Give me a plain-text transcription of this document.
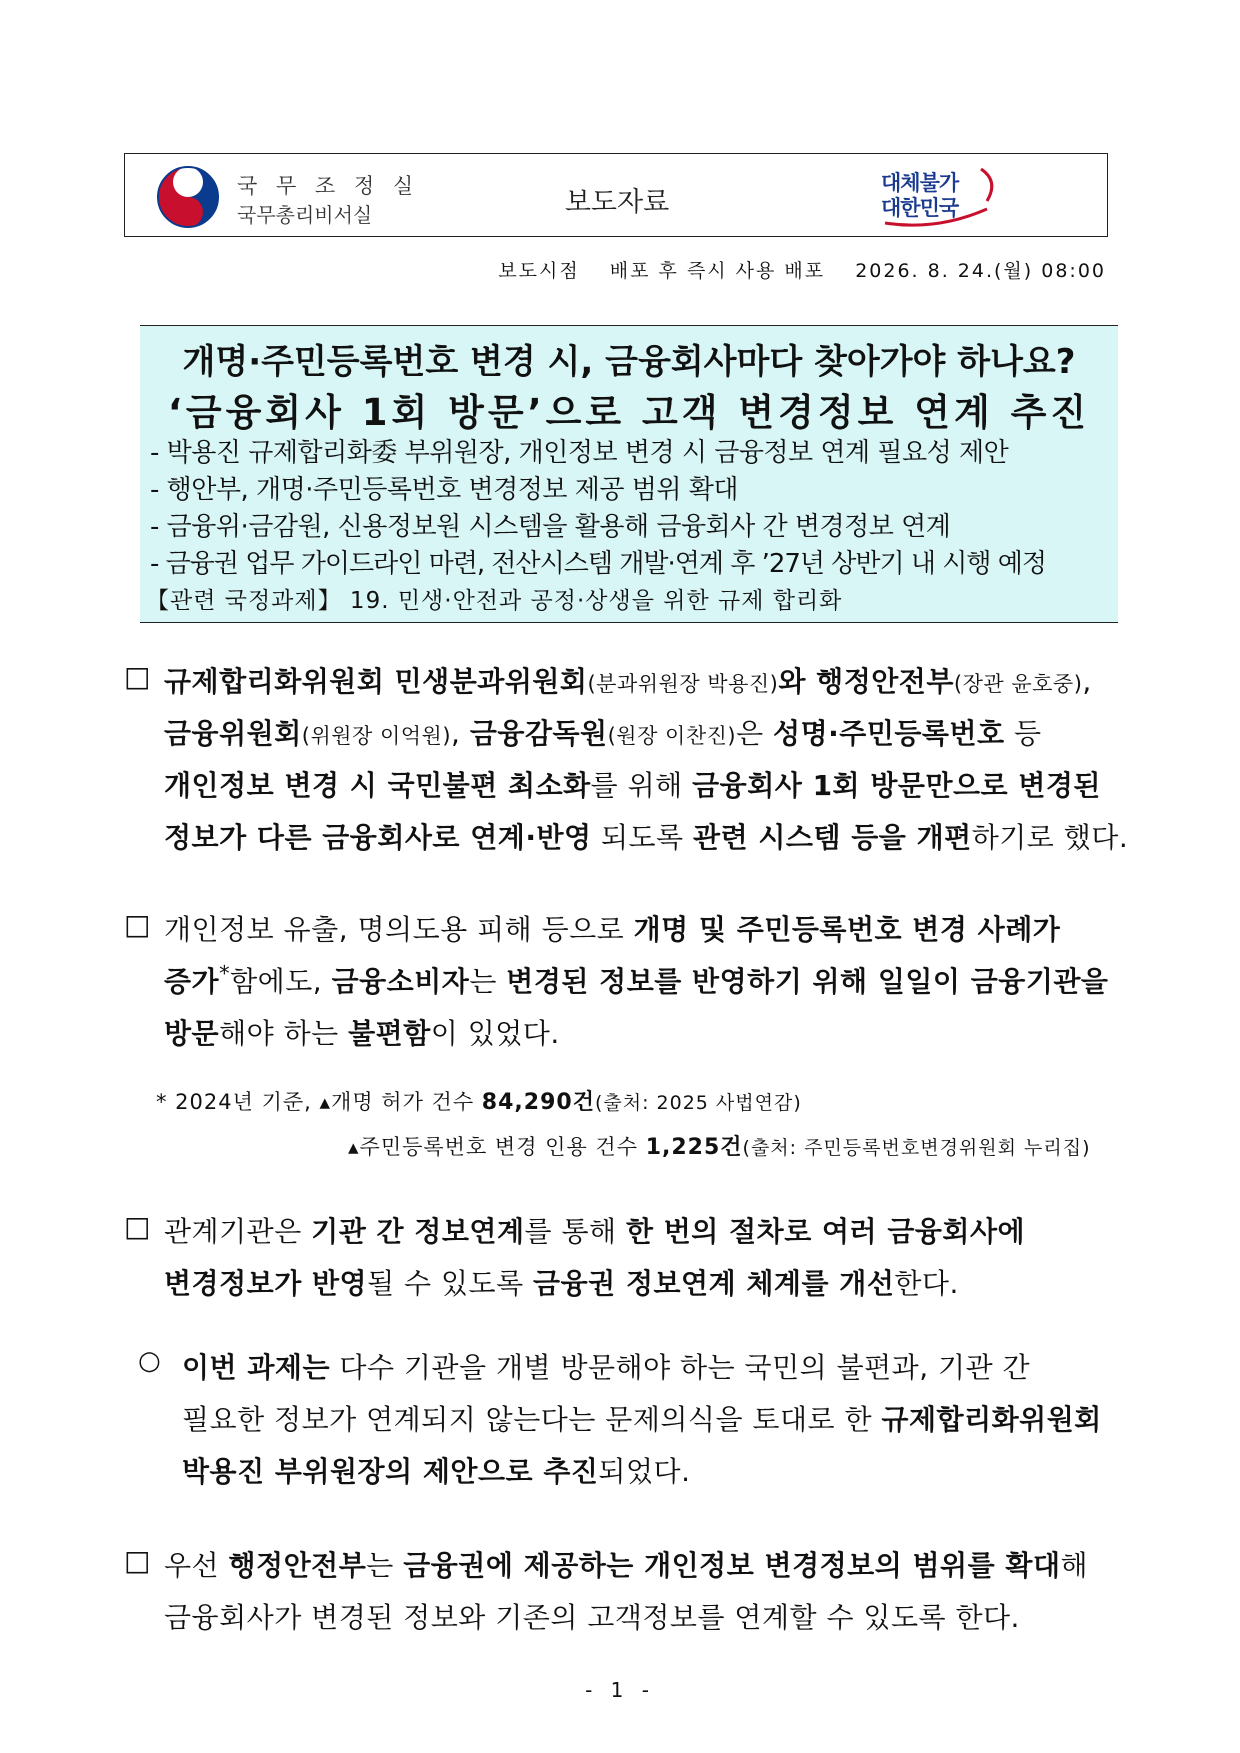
국 무 조 정 실
국무총리비서실	보도자료
대체불가
대한민국
보도시점 배포 후 즉시 사용 배포 2026. 8. 24.(월) 08:00
개명·주민등록번호 변경 시, 금융회사마다 찾아가야 하나요?
‘금융회사 1회 방문’으로 고객 변경정보 연계 추진
- 박용진 규제합리화委 부위원장, 개인정보 변경 시 금융정보 연계 필요성 제안
- 행안부, 개명·주민등록번호 변경정보 제공 범위 확대
- 금융위·금감원, 신용정보원 시스템을 활용해 금융회사 간 변경정보 연계
- 금융권 업무 가이드라인 마련, 전산시스템 개발·연계 후 ’27년 상반기 내 시행 예정
【관련 국정과제】 19. 민생·안전과 공정·상생을 위한 규제 합리화
□ 규제합리화위원회 민생분과위원회(분과위원장 박용진)와 행정안전부(장관 윤호중),
금융위원회(위원장 이억원), 금융감독원(원장 이찬진)은 성명·주민등록번호 등
개인정보 변경 시 국민불편 최소화를 위해 금융회사 1회 방문만으로 변경된
정보가 다른 금융회사로 연계·반영 되도록 관련 시스템 등을 개편하기로 했다.
□ 개인정보 유출, 명의도용 피해 등으로 개명 및 주민등록번호 변경 사례가
증가*함에도, 금융소비자는 변경된 정보를 반영하기 위해 일일이 금융기관을
방문해야 하는 불편함이 있었다.
* 2024년 기준, ▴개명 허가 건수 84,290건(출처: 2025 사법연감)
▴주민등록번호 변경 인용 건수 1,225건(출처: 주민등록번호변경위원회 누리집)
□ 관계기관은 기관 간 정보연계를 통해 한 번의 절차로 여러 금융회사에
변경정보가 반영될 수 있도록 금융권 정보연계 체계를 개선한다.
○ 이번 과제는 다수 기관을 개별 방문해야 하는 국민의 불편과, 기관 간
필요한 정보가 연계되지 않는다는 문제의식을 토대로 한 규제합리화위원회
박용진 부위원장의 제안으로 추진되었다.
□ 우선 행정안전부는 금융권에 제공하는 개인정보 변경정보의 범위를 확대해
금융회사가 변경된 정보와 기존의 고객정보를 연계할 수 있도록 한다.
- 1 -
